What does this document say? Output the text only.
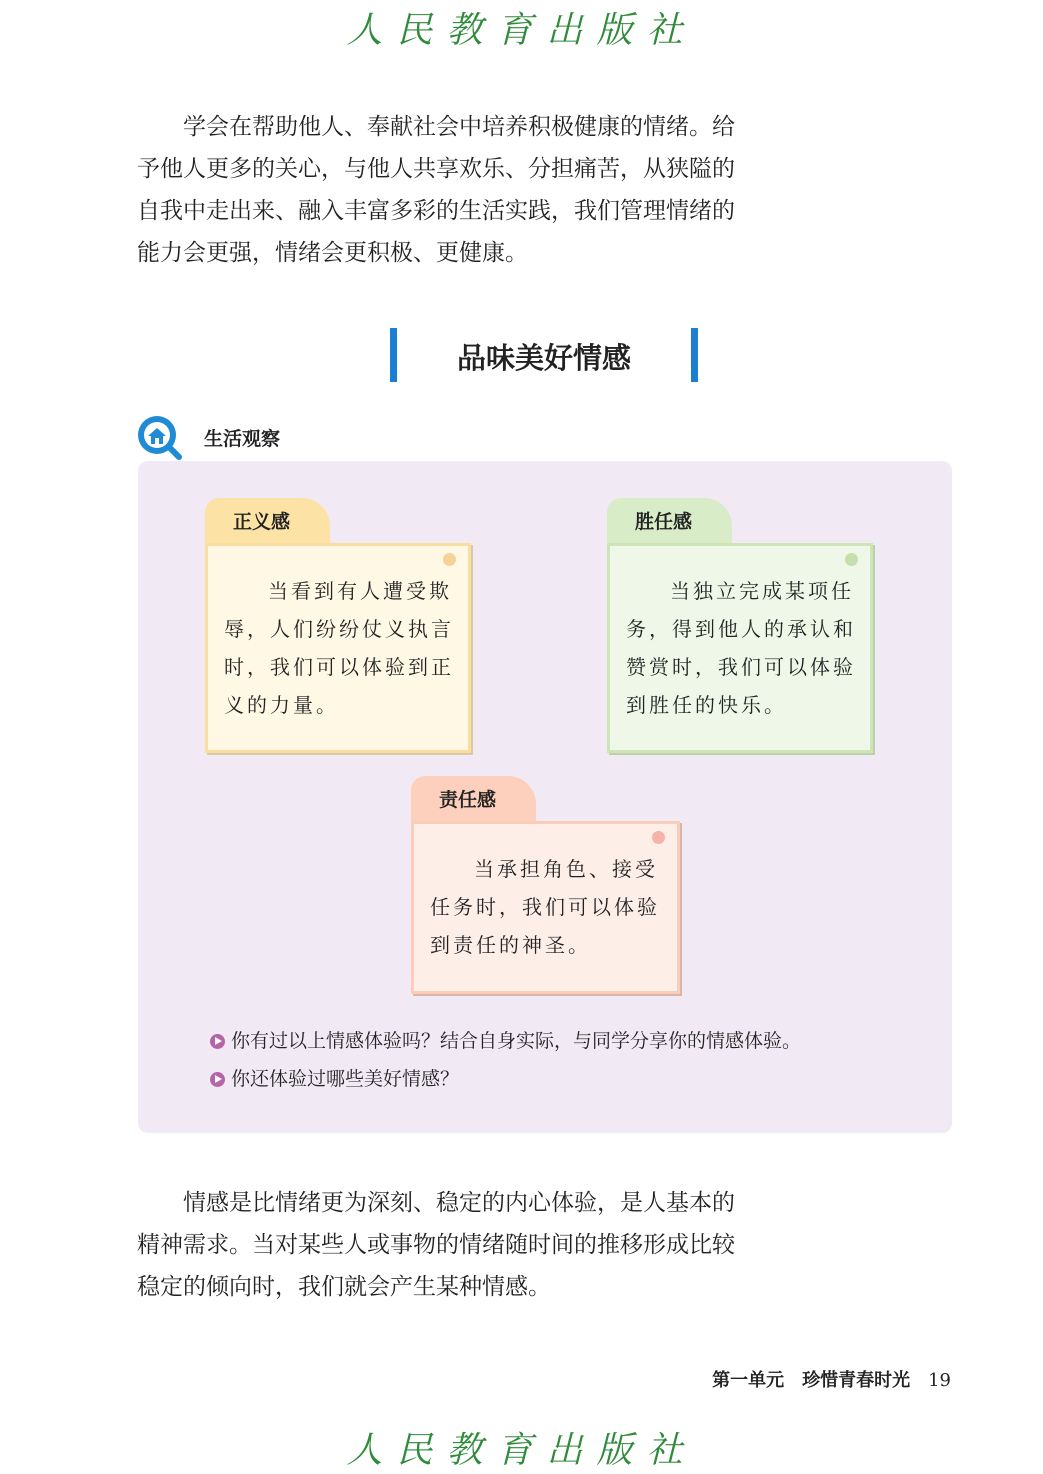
人民教育出版社

学会在帮助他人、奉献社会中培养积极健康的情绪。给予他人更多的关心，与他人共享欢乐、分担痛苦，从狭隘的自我中走出来、融入丰富多彩的生活实践，我们管理情绪的能力会更强，情绪会更积极、更健康。

品味美好情感
生活观察
正义感

当看到有人遭受欺辱，人们纷纷仗义执言时，我们可以体验到正义的力量。

胜任感

当独立完成某项任务，得到他人的承认和赞赏时，我们可以体验到胜任的快乐。

责任感

当承担角色、接受任务时，我们可以体验到责任的神圣。

你有过以上情感体验吗？结合自身实际，与同学分享你的情感体验。
你还体验过哪些美好情感？

情感是比情绪更为深刻、稳定的内心体验，是人基本的精神需求。当对某些人或事物的情绪随时间的推移形成比较稳定的倾向时，我们就会产生某种情感。

第一单元 珍惜青春时光 19
人民教育出版社
